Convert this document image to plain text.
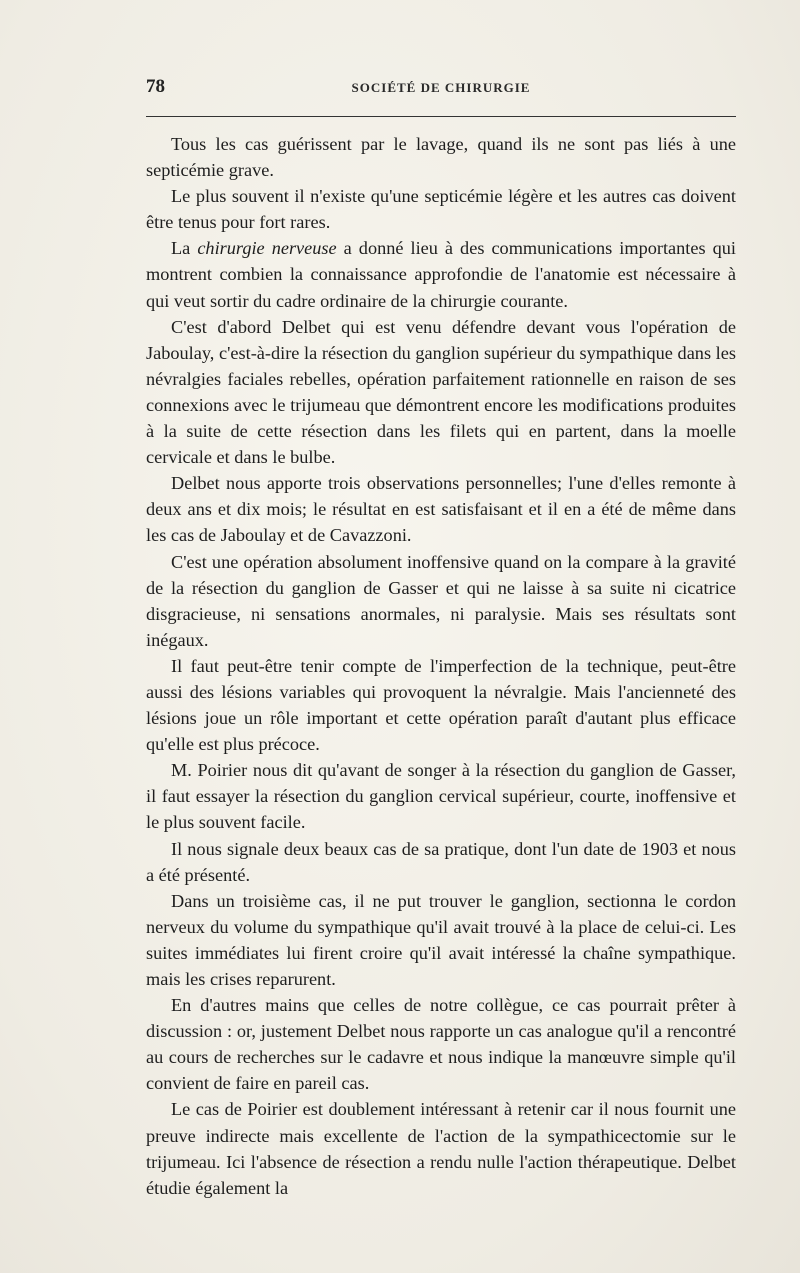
78	SOCIÉTÉ DE CHIRURGIE

Tous les cas guérissent par le lavage, quand ils ne sont pas liés à une septicémie grave.

Le plus souvent il n'existe qu'une septicémie légère et les autres cas doivent être tenus pour fort rares.

La chirurgie nerveuse a donné lieu à des communications importantes qui montrent combien la connaissance approfondie de l'anatomie est nécessaire à qui veut sortir du cadre ordinaire de la chirurgie courante.

C'est d'abord Delbet qui est venu défendre devant vous l'opération de Jaboulay, c'est-à-dire la résection du ganglion supérieur du sympathique dans les névralgies faciales rebelles, opération parfaitement rationnelle en raison de ses connexions avec le trijumeau que démontrent encore les modifications produites à la suite de cette résection dans les filets qui en partent, dans la moelle cervicale et dans le bulbe.

Delbet nous apporte trois observations personnelles; l'une d'elles remonte à deux ans et dix mois; le résultat en est satisfaisant et il en a été de même dans les cas de Jaboulay et de Cavazzoni.

C'est une opération absolument inoffensive quand on la compare à la gravité de la résection du ganglion de Gasser et qui ne laisse à sa suite ni cicatrice disgracieuse, ni sensations anormales, ni paralysie. Mais ses résultats sont inégaux.

Il faut peut-être tenir compte de l'imperfection de la technique, peut-être aussi des lésions variables qui provoquent la névralgie. Mais l'ancienneté des lésions joue un rôle important et cette opération paraît d'autant plus efficace qu'elle est plus précoce.

M. Poirier nous dit qu'avant de songer à la résection du ganglion de Gasser, il faut essayer la résection du ganglion cervical supérieur, courte, inoffensive et le plus souvent facile.

Il nous signale deux beaux cas de sa pratique, dont l'un date de 1903 et nous a été présenté.

Dans un troisième cas, il ne put trouver le ganglion, sectionna le cordon nerveux du volume du sympathique qu'il avait trouvé à la place de celui-ci. Les suites immédiates lui firent croire qu'il avait intéressé la chaîne sympathique. mais les crises reparurent.

En d'autres mains que celles de notre collègue, ce cas pourrait prêter à discussion : or, justement Delbet nous rapporte un cas analogue qu'il a rencontré au cours de recherches sur le cadavre et nous indique la manœuvre simple qu'il convient de faire en pareil cas.

Le cas de Poirier est doublement intéressant à retenir car il nous fournit une preuve indirecte mais excellente de l'action de la sympathicectomie sur le trijumeau. Ici l'absence de résection a rendu nulle l'action thérapeutique. Delbet étudie également la
